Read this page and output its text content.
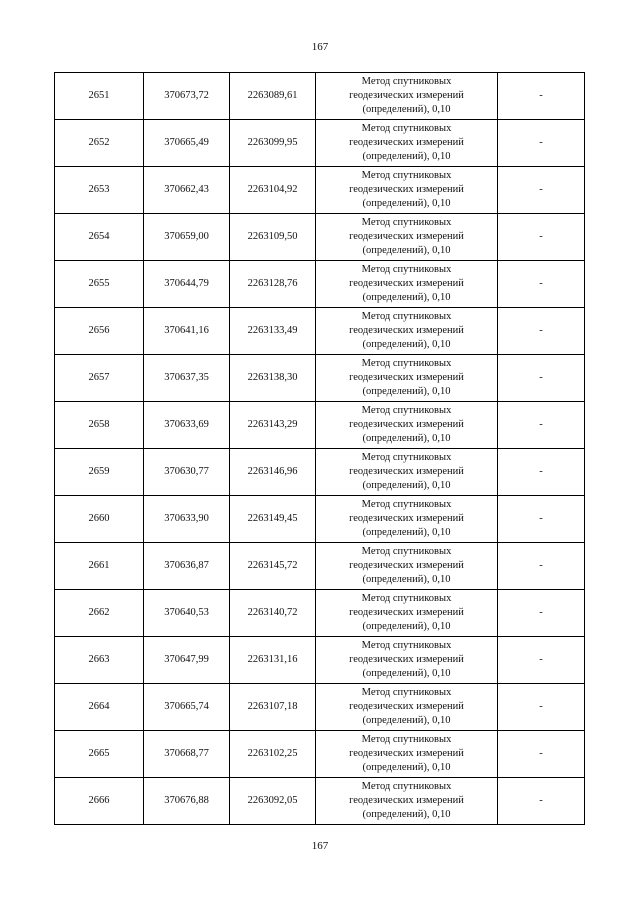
167
2651	370673,72	2263089,61	Метод спутниковых
геодезических измерений
(определений), 0,10	-
2652	370665,49	2263099,95	Метод спутниковых
геодезических измерений
(определений), 0,10	-
2653	370662,43	2263104,92	Метод спутниковых
геодезических измерений
(определений), 0,10	-
2654	370659,00	2263109,50	Метод спутниковых
геодезических измерений
(определений), 0,10	-
2655	370644,79	2263128,76	Метод спутниковых
геодезических измерений
(определений), 0,10	-
2656	370641,16	2263133,49	Метод спутниковых
геодезических измерений
(определений), 0,10	-
2657	370637,35	2263138,30	Метод спутниковых
геодезических измерений
(определений), 0,10	-
2658	370633,69	2263143,29	Метод спутниковых
геодезических измерений
(определений), 0,10	-
2659	370630,77	2263146,96	Метод спутниковых
геодезических измерений
(определений), 0,10	-
2660	370633,90	2263149,45	Метод спутниковых
геодезических измерений
(определений), 0,10	-
2661	370636,87	2263145,72	Метод спутниковых
геодезических измерений
(определений), 0,10	-
2662	370640,53	2263140,72	Метод спутниковых
геодезических измерений
(определений), 0,10	-
2663	370647,99	2263131,16	Метод спутниковых
геодезических измерений
(определений), 0,10	-
2664	370665,74	2263107,18	Метод спутниковых
геодезических измерений
(определений), 0,10	-
2665	370668,77	2263102,25	Метод спутниковых
геодезических измерений
(определений), 0,10	-
2666	370676,88	2263092,05	Метод спутниковых
геодезических измерений
(определений), 0,10	-
167
